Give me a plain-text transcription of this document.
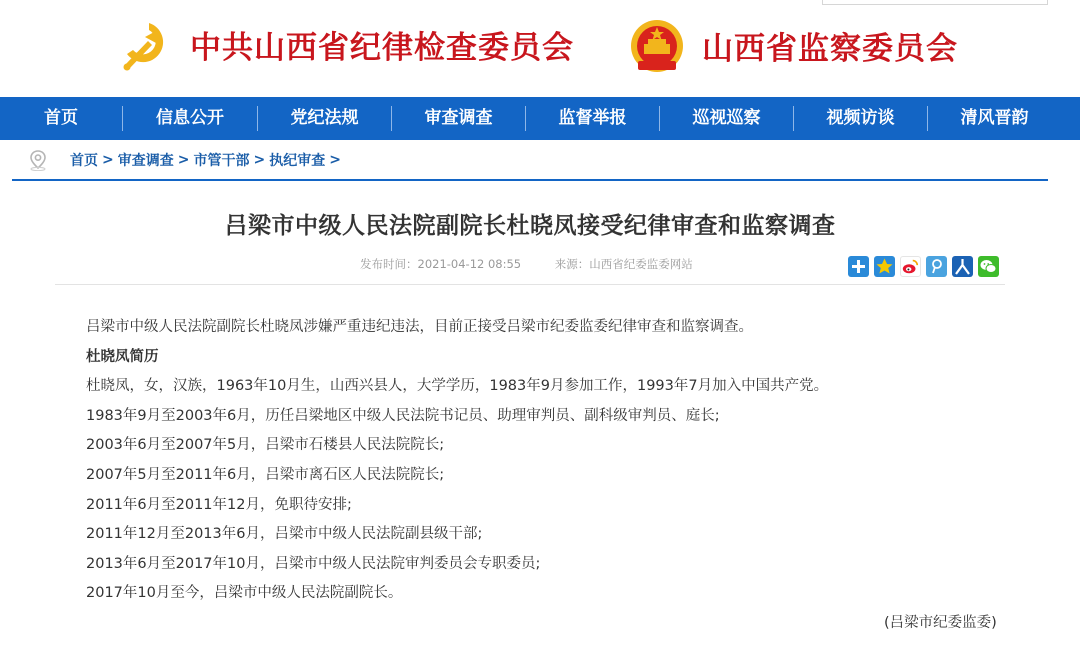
中共山西省纪律检查委员会	山西省监察委员会
首页	信息公开	党纪法规	审查调查	监督举报	巡视巡察	视频访谈	清风晋韵
首页 > 审查调查 > 市管干部 > 执纪审查 >
吕梁市中级人民法院副院长杜晓凤接受纪律审查和监察调查
发布时间：2021-04-12 08:55	来源：山西省纪委监委网站

吕梁市中级人民法院副院长杜晓凤涉嫌严重违纪违法，目前正接受吕梁市纪委监委纪律审查和监察调查。

杜晓凤简历

杜晓凤，女，汉族，1963年10月生，山西兴县人，大学学历，1983年9月参加工作，1993年7月加入中国共产党。

1983年9月至2003年6月，历任吕梁地区中级人民法院书记员、助理审判员、副科级审判员、庭长;

2003年6月至2007年5月，吕梁市石楼县人民法院院长;

2007年5月至2011年6月，吕梁市离石区人民法院院长;

2011年6月至2011年12月，免职待安排;

2011年12月至2013年6月，吕梁市中级人民法院副县级干部;

2013年6月至2017年10月，吕梁市中级人民法院审判委员会专职委员;

2017年10月至今，吕梁市中级人民法院副院长。

(吕梁市纪委监委)
